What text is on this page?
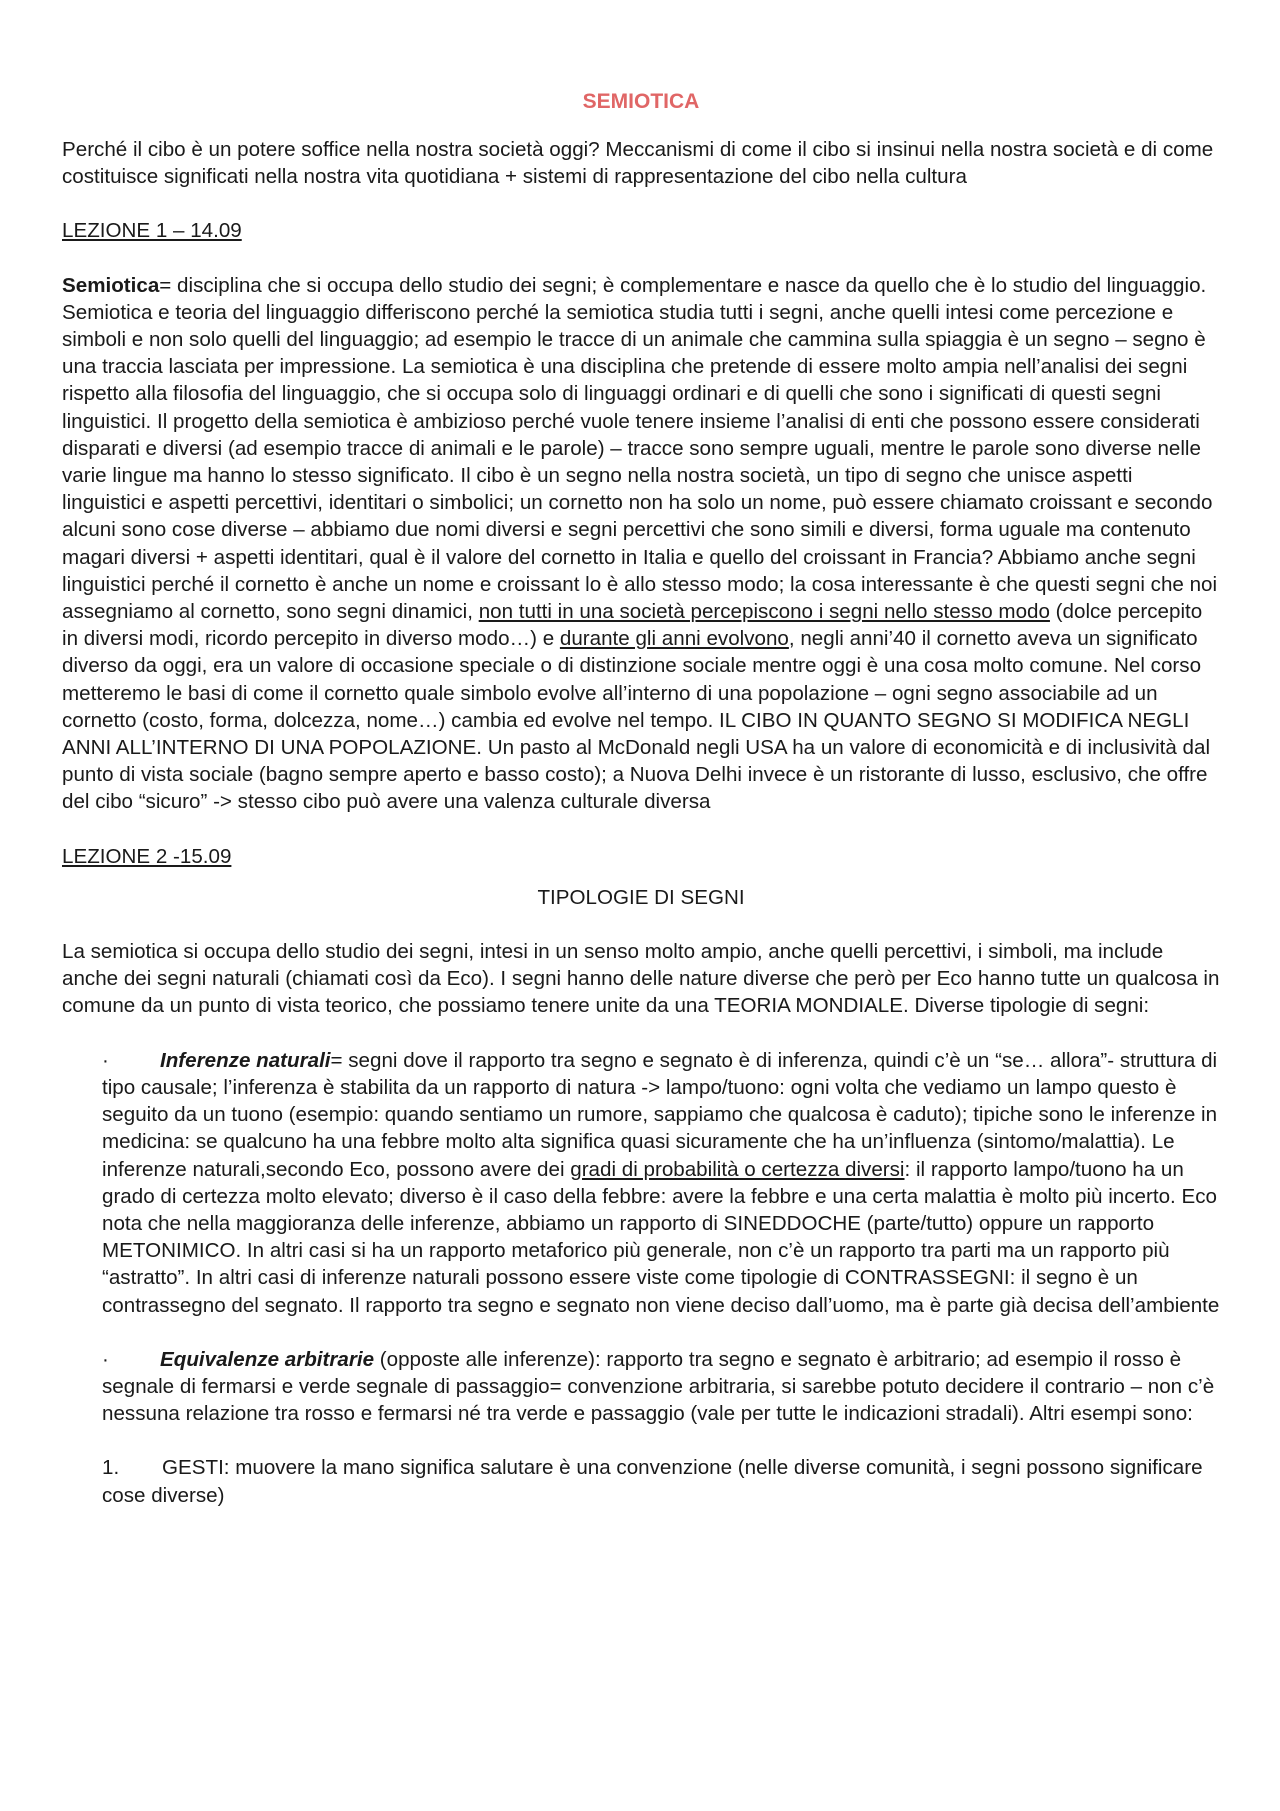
SEMIOTICA

Perché il cibo è un potere soffice nella nostra società oggi? Meccanismi di come il cibo si insinui nella nostra società e di come costituisce significati nella nostra vita quotidiana + sistemi di rappresentazione del cibo nella cultura

LEZIONE 1 – 14.09

Semiotica= disciplina che si occupa dello studio dei segni; è complementare e nasce da quello che è lo studio del linguaggio. Semiotica e teoria del linguaggio differiscono perché la semiotica studia tutti i segni, anche quelli intesi come percezione e simboli e non solo quelli del linguaggio; ad esempio le tracce di un animale che cammina sulla spiaggia è un segno – segno è una traccia lasciata per impressione. La semiotica è una disciplina che pretende di essere molto ampia nell’analisi dei segni rispetto alla filosofia del linguaggio, che si occupa solo di linguaggi ordinari e di quelli che sono i significati di questi segni linguistici. Il progetto della semiotica è ambizioso perché vuole tenere insieme l’analisi di enti che possono essere considerati disparati e diversi (ad esempio tracce di animali e le parole) – tracce sono sempre uguali, mentre le parole sono diverse nelle varie lingue ma hanno lo stesso significato. Il cibo è un segno nella nostra società, un tipo di segno che unisce aspetti linguistici e aspetti percettivi, identitari o simbolici; un cornetto non ha solo un nome, può essere chiamato croissant e secondo alcuni sono cose diverse – abbiamo due nomi diversi e segni percettivi che sono simili e diversi, forma uguale ma contenuto magari diversi + aspetti identitari, qual è il valore del cornetto in Italia e quello del croissant in Francia? Abbiamo anche segni linguistici perché il cornetto è anche un nome e croissant lo è allo stesso modo; la cosa interessante è che questi segni che noi assegniamo al cornetto, sono segni dinamici, non tutti in una società percepiscono i segni nello stesso modo (dolce percepito in diversi modi, ricordo percepito in diverso modo…) e durante gli anni evolvono, negli anni’40 il cornetto aveva un significato diverso da oggi, era un valore di occasione speciale o di distinzione sociale mentre oggi è una cosa molto comune. Nel corso metteremo le basi di come il cornetto quale simbolo evolve all’interno di una popolazione – ogni segno associabile ad un cornetto (costo, forma, dolcezza, nome…) cambia ed evolve nel tempo. IL CIBO IN QUANTO SEGNO SI MODIFICA NEGLI ANNI ALL’INTERNO DI UNA POPOLAZIONE. Un pasto al McDonald negli USA ha un valore di economicità e di inclusività dal punto di vista sociale (bagno sempre aperto e basso costo); a Nuova Delhi invece è un ristorante di lusso, esclusivo, che offre del cibo “sicuro” -> stesso cibo può avere una valenza culturale diversa

LEZIONE 2 -15.09

TIPOLOGIE DI SEGNI

La semiotica si occupa dello studio dei segni, intesi in un senso molto ampio, anche quelli percettivi, i simboli, ma include anche dei segni naturali (chiamati così da Eco). I segni hanno delle nature diverse che però per Eco hanno tutte un qualcosa in comune da un punto di vista teorico, che possiamo tenere unite da una TEORIA MONDIALE. Diverse tipologie di segni:

· Inferenze naturali= segni dove il rapporto tra segno e segnato è di inferenza, quindi c’è un “se… allora”- struttura di tipo causale; l’inferenza è stabilita da un rapporto di natura -> lampo/tuono: ogni volta che vediamo un lampo questo è seguito da un tuono (esempio: quando sentiamo un rumore, sappiamo che qualcosa è caduto); tipiche sono le inferenze in medicina: se qualcuno ha una febbre molto alta significa quasi sicuramente che ha un’influenza (sintomo/malattia). Le inferenze naturali,secondo Eco, possono avere dei gradi di probabilità o certezza diversi: il rapporto lampo/tuono ha un grado di certezza molto elevato; diverso è il caso della febbre: avere la febbre e una certa malattia è molto più incerto. Eco nota che nella maggioranza delle inferenze, abbiamo un rapporto di SINEDDOCHE (parte/tutto) oppure un rapporto METONIMICO. In altri casi si ha un rapporto metaforico più generale, non c’è un rapporto tra parti ma un rapporto più “astratto”. In altri casi di inferenze naturali possono essere viste come tipologie di CONTRASSEGNI: il segno è un contrassegno del segnato. Il rapporto tra segno e segnato non viene deciso dall’uomo, ma è parte già decisa dell’ambiente

· Equivalenze arbitrarie (opposte alle inferenze): rapporto tra segno e segnato è arbitrario; ad esempio il rosso è segnale di fermarsi e verde segnale di passaggio= convenzione arbitraria, si sarebbe potuto decidere il contrario – non c’è nessuna relazione tra rosso e fermarsi né tra verde e passaggio (vale per tutte le indicazioni stradali). Altri esempi sono:

1. GESTI: muovere la mano significa salutare è una convenzione (nelle diverse comunità, i segni possono significare cose diverse)
